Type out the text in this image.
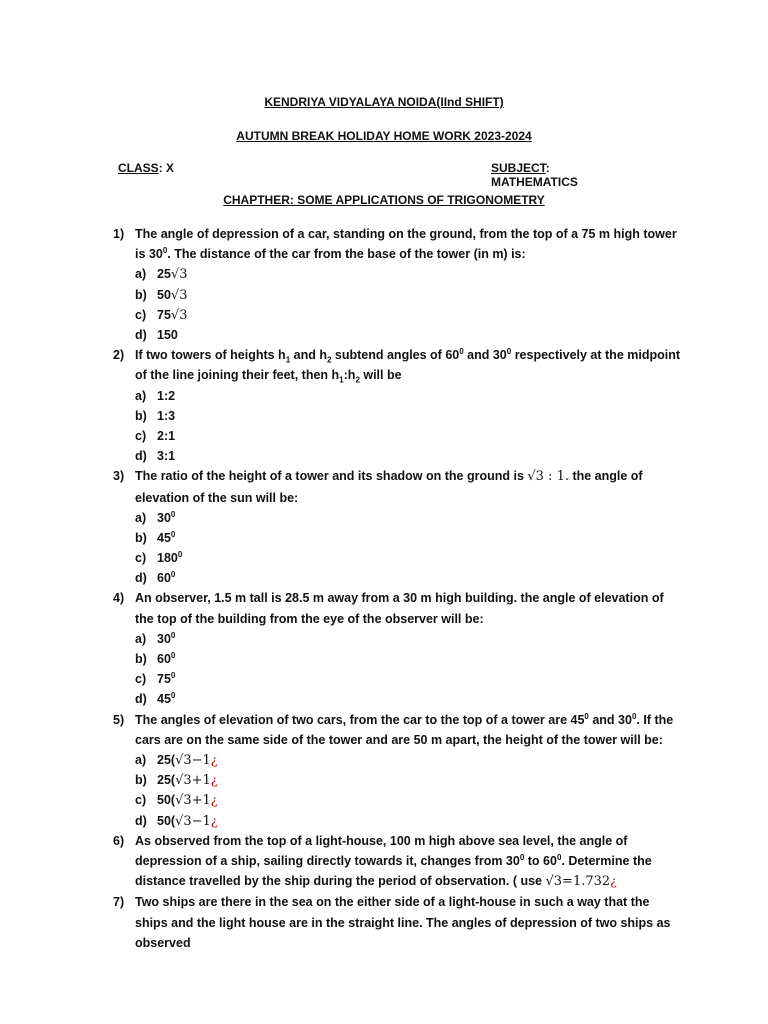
KENDRIYA VIDYALAYA NOIDA(IInd SHIFT)
AUTUMN BREAK HOLIDAY HOME WORK 2023-2024
CLASS: X	SUBJECT: MATHEMATICS
CHAPTHER: SOME APPLICATIONS OF TRIGONOMETRY
1) The angle of depression of a car, standing on the ground, from the top of a 75 m high tower is $30^0$. The distance of the car from the base of the tower (in m) is:
a) 25√3
b) 50√3
c) 75√3
d) 150
2) If two towers of heights $h_1$ and $h_2$ subtend angles of $60^0$ and $30^0$ respectively at the midpoint of the line joining their feet, then $h_1:h_2$ will be
a) 1:2
b) 1:3
c) 2:1
d) 3:1
3) The ratio of the height of a tower and its shadow on the ground is √3 : 1. the angle of elevation of the sun will be:
a) $30^0$
b) $45^0$
c) $180^0$
d) $60^0$
4) An observer, 1.5 m tall is 28.5 m away from a 30 m high building. the angle of elevation of the top of the building from the eye of the observer will be:
a) $30^0$
b) $60^0$
c) $75^0$
d) $45^0$
5) The angles of elevation of two cars, from the car to the top of a tower are $45^0$ and $30^0$. If the cars are on the same side of the tower and are 50 m apart, the height of the tower will be:
a) 25(√3−1¿
b) 25(√3+1¿
c) 50(√3+1¿
d) 50(√3−1¿
6) As observed from the top of a light-house, 100 m high above sea level, the angle of depression of a ship, sailing directly towards it, changes from $30^0$ to $60^0$. Determine the distance travelled by the ship during the period of observation. ( use √3=1.732¿
7) Two ships are there in the sea on the either side of a light-house in such a way that the ships and the light house are in the straight line. The angles of depression of two ships as observed
